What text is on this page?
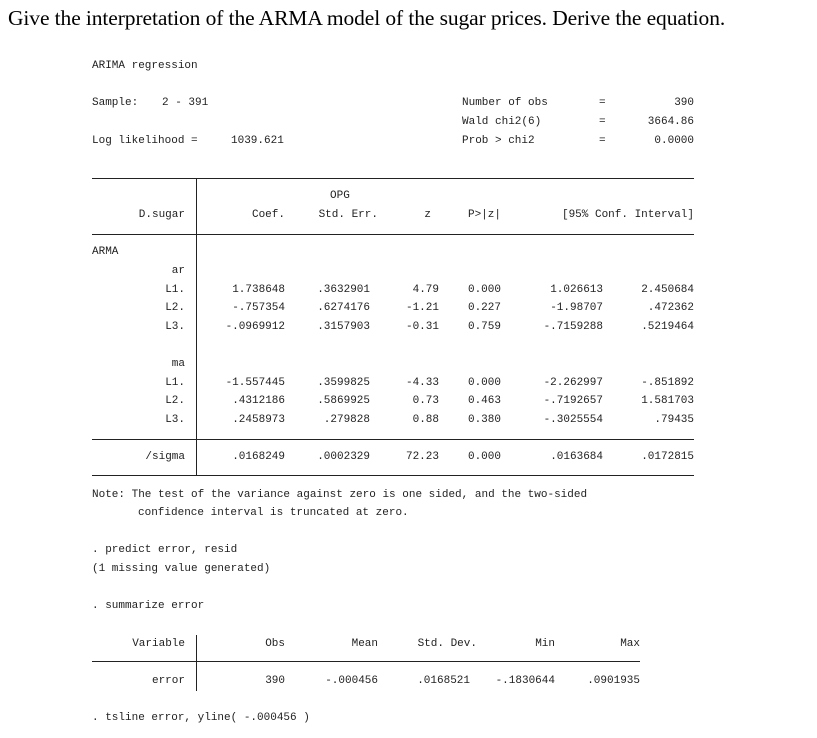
Give the interpretation of the ARMA model of the sugar prices. Derive the equation.
ARIMA regression
Sample: 2 - 391
Log likelihood =	1039.621
Number of obs	=	390
Wald chi2(6)	=	3664.86
Prob > chi2	=	0.0000
OPG
D.sugar	Coef.	Std. Err.	z	P>|z|	[95% Conf. Interval]
ARMA
ar
L1.	1.738648	.3632901	4.79	0.000	1.026613	2.450684
L2.	-.757354	.6274176	-1.21	0.227	-1.98707	.472362
L3.	-.0969912	.3157903	-0.31	0.759	-.7159288	.5219464
ma
L1.	-1.557445	.3599825	-4.33	0.000	-2.262997	-.851892
L2.	.4312186	.5869925	0.73	0.463	-.7192657	1.581703
L3.	.2458973	.279828	0.88	0.380	-.3025554	.79435
/sigma	.0168249	.0002329	72.23	0.000	.0163684	.0172815
Note: The test of the variance against zero is one sided, and the two-sided
confidence interval is truncated at zero.
. predict error, resid
(1 missing value generated)
. summarize error
Variable	Obs	Mean	Std. Dev.	Min	Max
error	390	-.000456	.0168521	-.1830644	.0901935
. tsline error, yline( -.000456 )
